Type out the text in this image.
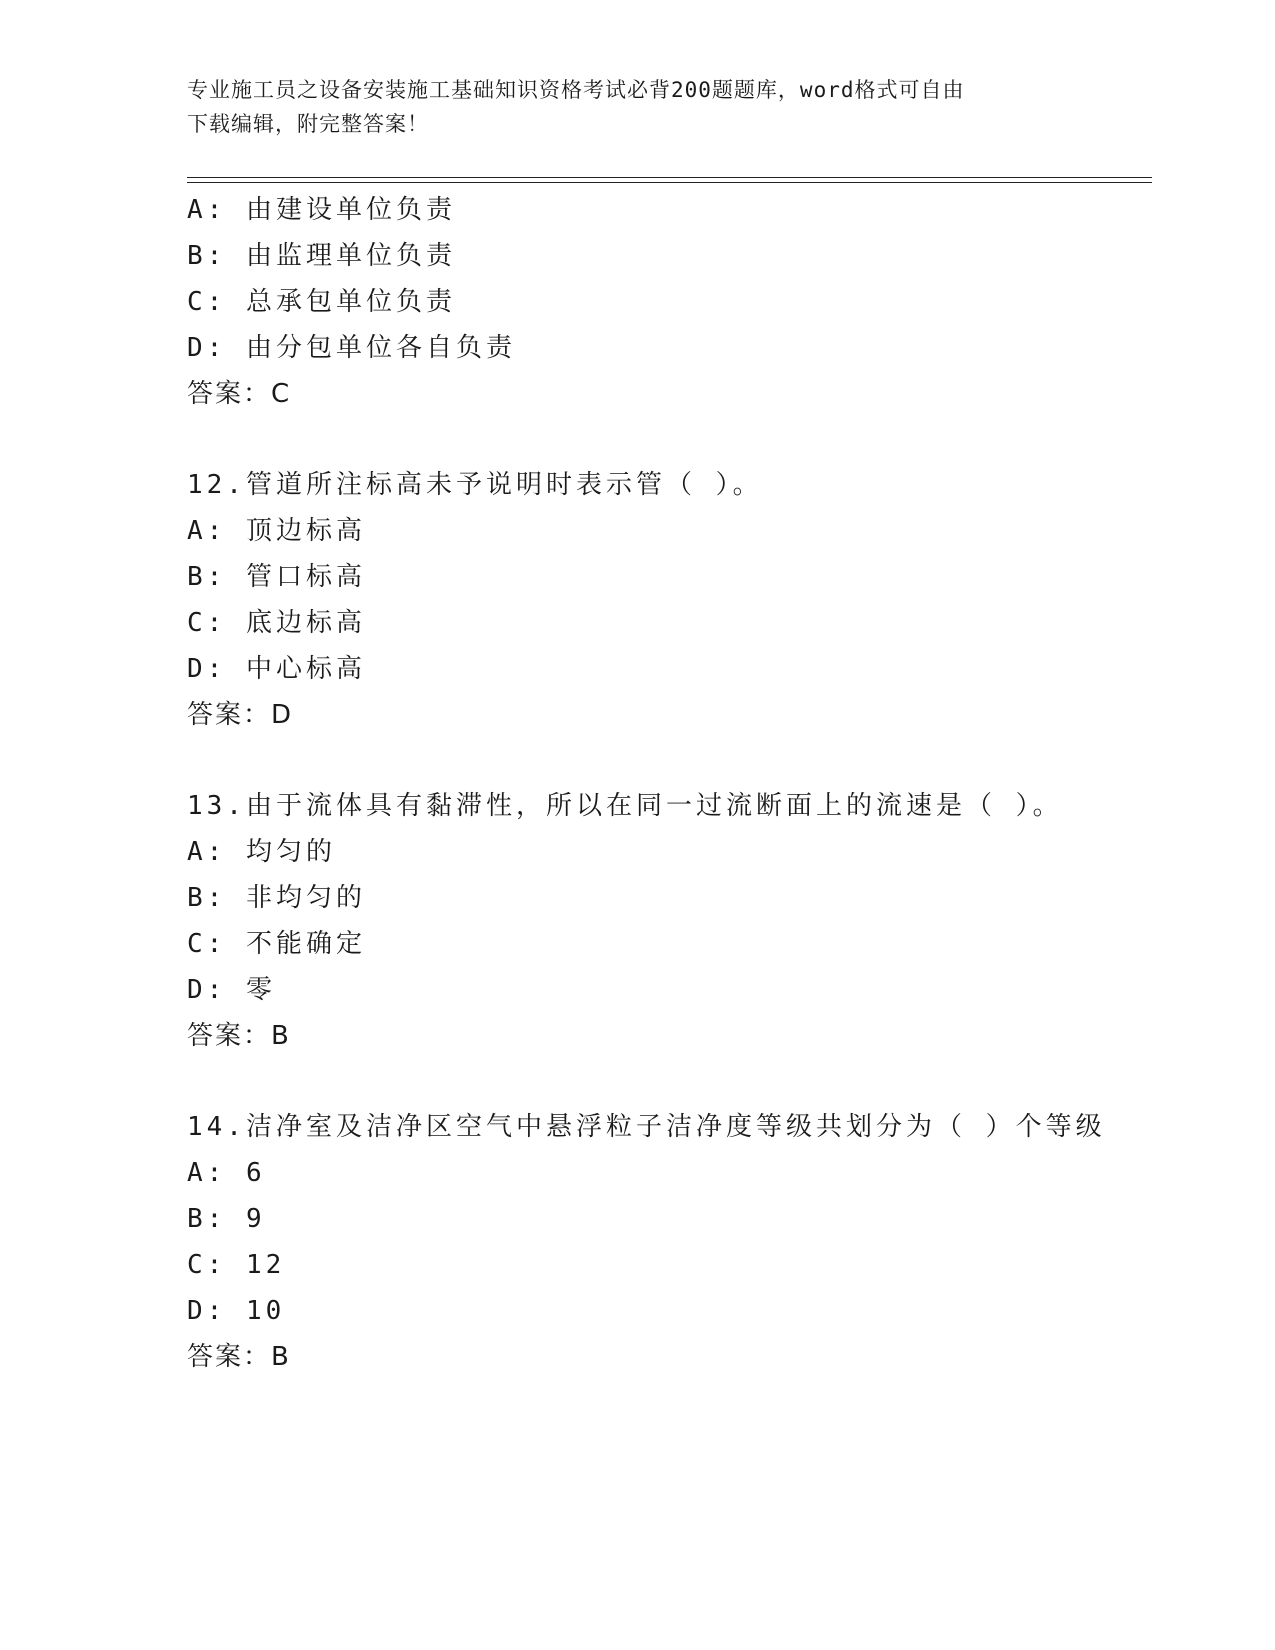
专业施工员之设备安装施工基础知识资格考试必背200题题库，word格式可自由
下载编辑，附完整答案！
A: 由建设单位负责
B: 由监理单位负责
C: 总承包单位负责
D: 由分包单位各自负责
答案：C
12.管道所注标高未予说明时表示管（ ）。
A: 顶边标高
B: 管口标高
C: 底边标高
D: 中心标高
答案：D
13.由于流体具有黏滞性，所以在同一过流断面上的流速是（ ）。
A: 均匀的
B: 非均匀的
C: 不能确定
D: 零
答案：B
14.洁净室及洁净区空气中悬浮粒子洁净度等级共划分为（ ）个等级
A: 6
B: 9
C: 12
D: 10
答案：B
